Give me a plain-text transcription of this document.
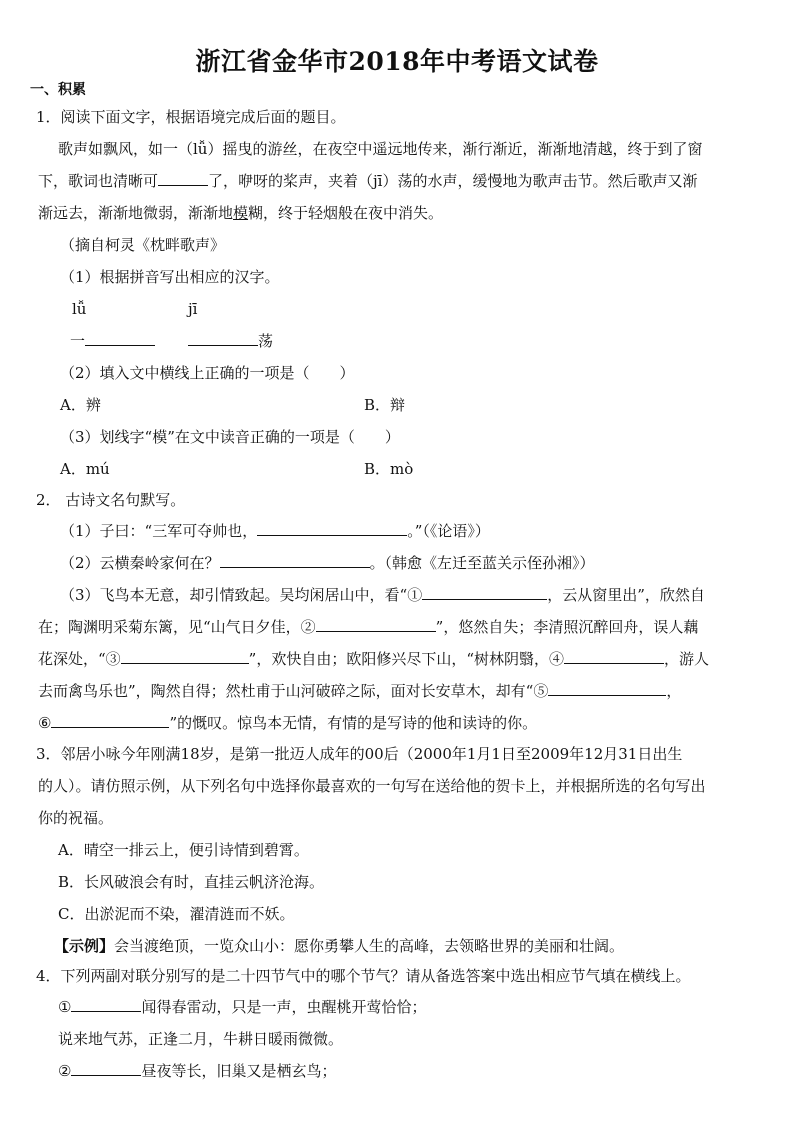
浙江省金华市2018年中考语文试卷
一、积累
1．阅读下面文字，根据语境完成后面的题目。
歌声如飘风，如一（lǚ）摇曳的游丝，在夜空中遥远地传来，渐行渐近，渐渐地清越，终于到了窗
下，歌词也清晰可	了，咿呀的桨声，夹着（jī）荡的水声，缓慢地为歌声击节。然后歌声又渐
渐远去，渐渐地微弱，渐渐地模糊，终于轻烟般在夜中消失。
（摘自柯灵《枕畔歌声》
（1）根据拼音写出相应的汉字。
lǚ	jī
一	荡
（2）填入文中横线上正确的一项是（　　）
A．辨	B．辩
（3）划线字“模”在文中读音正确的一项是（　　）
A．mú	B．mò
2． 古诗文名句默写。
（1）子曰：“三军可夺帅也，	。”（《论语》）
（2）云横秦岭家何在？	。（韩愈《左迁至蓝关示侄孙湘》）
（3）飞鸟本无意，却引情致起。吴均闲居山中，看“①	，云从窗里出”，欣然自
在；陶渊明采菊东篱，见“山气日夕佳，②	”，悠然自失；李清照沉醉回舟，误人藕
花深处，“③	”，欢快自由；欧阳修兴尽下山，“树林阴翳，④	，游人
去而禽鸟乐也”，陶然自得；然杜甫于山河破碎之际，面对长安草木，却有“⑤	，
⑥	”的慨叹。惊鸟本无情，有情的是写诗的他和读诗的你。
3．邻居小咏今年刚满18岁，是第一批迈人成年的00后（2000年1月1日至2009年12月31日出生
的人）。请仿照示例，从下列名句中选择你最喜欢的一句写在送给他的贺卡上，并根据所选的名句写出
你的祝福。
A．晴空一排云上，便引诗情到碧霄。
B．长风破浪会有时，直挂云帆济沧海。
C．出淤泥而不染，濯清涟而不妖。
【示例】会当渡绝顶，一览众山小：愿你勇攀人生的高峰，去领略世界的美丽和壮阔。
4．下列两副对联分别写的是二十四节气中的哪个节气？请从备选答案中选出相应节气填在横线上。
①	闻得春雷动，只是一声，虫醒桃开莺恰恰；
说来地气苏，正逢二月，牛耕日暖雨微微。
②	昼夜等长，旧巢又是栖玄鸟；
